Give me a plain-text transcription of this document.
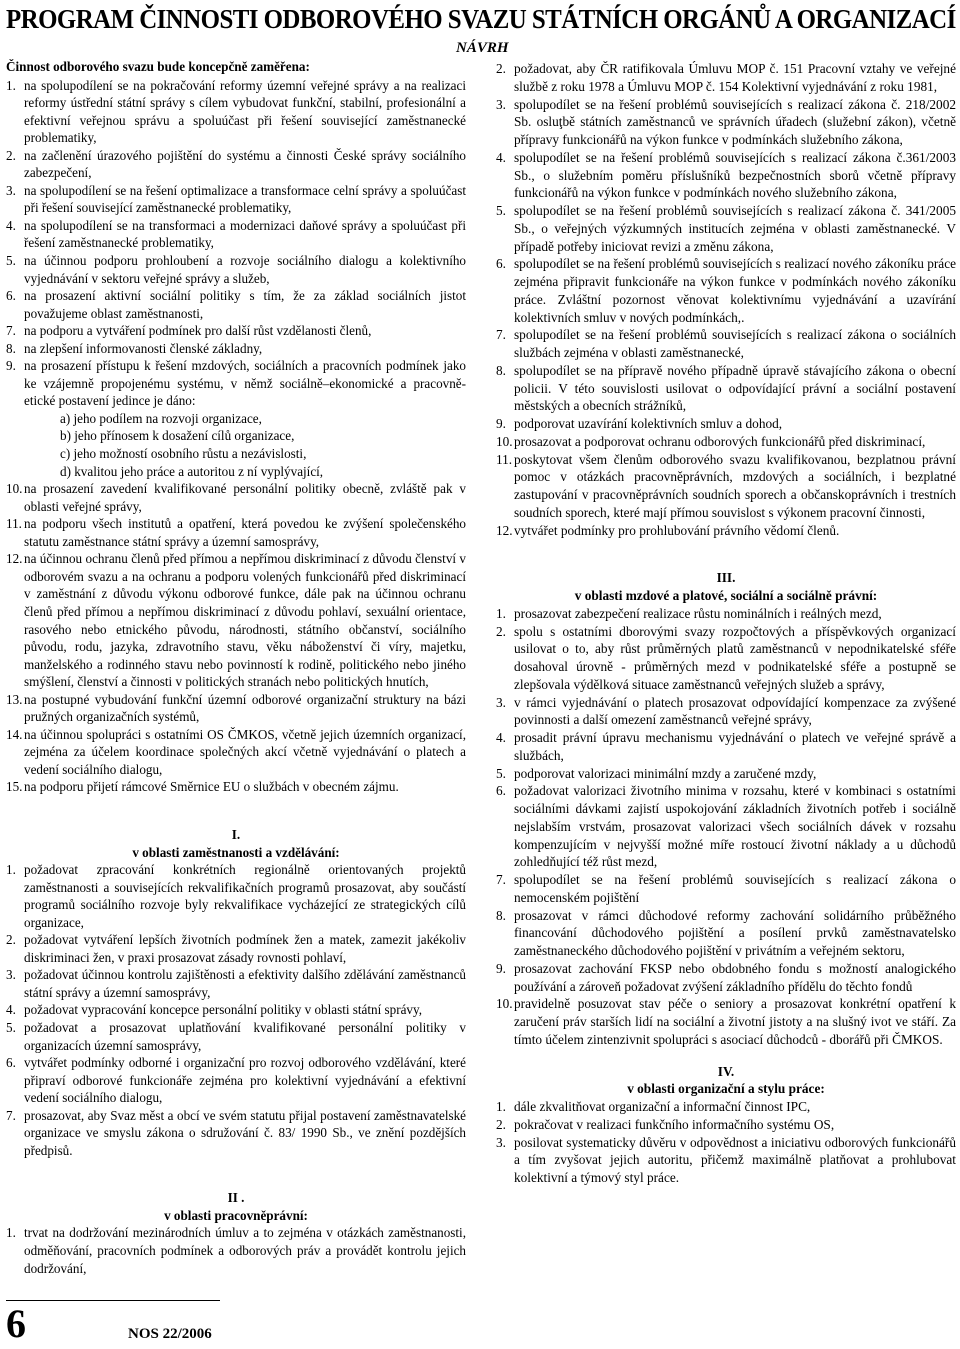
PROGRAM ČINNOSTI ODBOROVÉHO SVAZU STÁTNÍCH ORGÁNŮ A ORGANIZACÍ
NÁVRH

Činnost odborového svazu bude koncepčně zaměřena:

1. na spolupodílení se na pokračování reformy územní veřejné správy a na realizaci reformy ústřední státní správy s cílem vybudovat funkční, stabilní, profesionální a efektivní veřejnou správu a spoluúčast při řešení související zaměstnanecké problematiky,

2. na začlenění úrazového pojištění do systému a činnosti České správy sociálního zabezpečení,

3. na spolupodílení se na řešení optimalizace a transformace celní správy a spoluúčast při řešení související zaměstnanecké problematiky,

4. na spolupodílení se na transformaci a modernizaci daňové správy a spoluúčast při řešení zaměstnanecké problematiky,

5. na účinnou podporu prohloubení a rozvoje sociálního dialogu a kolektivního vyjednávání v sektoru veřejné správy a služeb,

6. na prosazení aktivní sociální politiky s tím, že za základ sociálních jistot považujeme oblast zaměstnanosti,

7. na podporu a vytváření podmínek pro další růst vzdělanosti členů,

8. na zlepšení informovanosti členské základny,

9. na prosazení přístupu k řešení mzdových, sociálních a pracovních podmínek jako ke vzájemně propojenému systému, v němž sociálně–ekonomické a pracovně-etické postavení jedince je dáno:

a) jeho podílem na rozvoji organizace,

b) jeho přínosem k dosažení cílů organizace,

c) jeho možností osobního růstu a nezávislosti,

d) kvalitou jeho práce a autoritou z ní vyplývající,

10. na prosazení zavedení kvalifikované personální politiky obecně, zvláště pak v oblasti veřejné správy,

11. na podporu všech institutů a opatření, která povedou ke zvýšení společenského statutu zaměstnance státní správy a územní samosprávy,

12. na účinnou ochranu členů před přímou a nepřímou diskriminací z důvodu členství v odborovém svazu a na ochranu a podporu volených funkcionářů před diskriminací v zaměstnání z důvodu výkonu odborové funkce, dále pak na účinnou ochranu členů před přímou a nepřímou diskriminací z důvodu pohlaví, sexuální orientace, rasového nebo etnického původu, národnosti, státního občanství, sociálního původu, rodu, jazyka, zdravotního stavu, věku náboženství či víry, majetku, manželského a rodinného stavu nebo povinností k rodině, politického nebo jiného smýšlení, členství a činnosti v politických stranách nebo politických hnutích,

13. na postupné vybudování funkční územní odborové organizační struktury na bázi pružných organizačních systémů,

14. na účinnou spolupráci s ostatními OS ČMKOS, včetně jejich územních organizací, zejména za účelem koordinace společných akcí včetně vyjednávání o platech a vedení sociálního dialogu,

15. na podporu přijetí rámcové Směrnice EU o službách v obecném zájmu.

I.

v oblasti zaměstnanosti a vzdělávání:

1. požadovat zpracování konkrétních regionálně orientovaných projektů zaměstnanosti a souvisejících rekvalifikačních programů prosazovat, aby součástí programů sociálního rozvoje byly rekvalifikace vycházející ze strategických cílů organizace,

2. požadovat vytváření lepších životních podmínek žen a matek, zamezit jakékoliv diskriminaci žen, v praxi prosazovat zásady rovnosti pohlaví,

3. požadovat účinnou kontrolu zajištěnosti a efektivity dalšího zdělávání zaměstnanců státní správy a územní samosprávy,

4. požadovat vypracování koncepce personální politiky v oblasti státní správy,

5. požadovat a prosazovat uplatňování kvalifikované personální politiky v organizacích územní samosprávy,

6. vytvářet podmínky odborné i organizační pro rozvoj odborového vzdělávání, které připraví odborové funkcionáře zejména pro kolektivní vyjednávání a efektivní vedení sociálního dialogu,

7. prosazovat, aby Svaz měst a obcí ve svém statutu přijal postavení zaměstnavatelské organizace ve smyslu zákona o sdružování č. 83/ 1990 Sb., ve znění pozdějších předpisů.

II .

v oblasti pracovněprávní:

1. trvat na dodržování mezinárodních úmluv a to zejména v otázkách zaměstnanosti, odměňování, pracovních podmínek a odborových práv a provádět kontrolu jejich dodržování,

2. požadovat, aby ČR ratifikovala Úmluvu MOP č. 151 Pracovní vztahy ve veřejné službě z roku 1978 a Úmluvu MOP č. 154 Kolektivní vyjednávání z roku 1981,

3. spolupodílet se na řešení problémů souvisejících s realizací zákona č. 218/2002 Sb. osluţbě státních zaměstnanců ve správních úřadech (služební zákon), včetně přípravy funkcionářů na výkon funkce v podmínkách služebního zákona,

4. spolupodílet se na řešení problémů souvisejících s realizací zákona č.361/2003 Sb., o služebním poměru příslušníků bezpečnostních sborů včetně přípravy funkcionářů na výkon funkce v podmínkách nového služebního zákona,

5. spolupodílet se na řešení problémů souvisejících s realizací zákona č. 341/2005 Sb., o veřejných výzkumných institucích zejména v oblasti zaměstnanecké. V případě potřeby iniciovat revizi a změnu zákona,

6. spolupodílet se na řešení problémů souvisejících s realizací nového zákoníku práce zejména připravit funkcionáře na výkon funkce v podmínkách nového zákoníku práce. Zvláštní pozornost věnovat kolektivnímu vyjednávání a uzavírání kolektivních smluv v nových podmínkách,.

7. spolupodílet se na řešení problémů souvisejících s realizací zákona o sociálních službách zejména v oblasti zaměstnanecké,

8. spolupodílet se na přípravě nového případně úpravě stávajícího zákona o obecní policii. V této souvislosti usilovat o odpovídající právní a sociální postavení městských a obecních strážníků,

9. podporovat uzavírání kolektivních smluv a dohod,

10. prosazovat a podporovat ochranu odborových funkcionářů před diskriminací,

11. poskytovat všem členům odborového svazu kvalifikovanou, bezplatnou právní pomoc v otázkách pracovněprávních, mzdových a sociálních, i bezplatné zastupování v pracovněprávních soudních sporech a občanskoprávních i trestních soudních sporech, které mají přímou souvislost s výkonem pracovní činnosti,

12. vytvářet podmínky pro prohlubování právního vědomí členů.

III.

v oblasti mzdové a platové, sociální a sociálně právní:

1. prosazovat zabezpečení realizace růstu nominálních i reálných mezd,

2. spolu s ostatními dborovými svazy rozpočtových a příspěvkových organizací usilovat o to, aby růst průměrných platů zaměstnanců v nepodnikatelské sféře dosahoval úrovně - průměrných mezd v podnikatelské sféře a postupně se zlepšovala výdělková situace zaměstnanců veřejných služeb a správy,

3. v rámci vyjednávání o platech prosazovat odpovídající kompenzace za zvýšené povinnosti a další omezení zaměstnanců veřejné správy,

4. prosadit právní úpravu mechanismu vyjednávání o platech ve veřejné správě a službách,

5. podporovat valorizaci minimální mzdy a zaručené mzdy,

6. požadovat valorizaci životního minima v rozsahu, které v kombinaci s ostatními sociálními dávkami zajistí uspokojování základních životních potřeb i sociálně nejslabším vrstvám, prosazovat valorizaci všech sociálních dávek v rozsahu kompenzujícím v nejvyšší možné míře rostoucí životní náklady a u důchodů zohledňující též růst mezd,

7. spolupodílet se na řešení problémů souvisejících s realizací zákona o nemocenském pojištění

8. prosazovat v rámci důchodové reformy zachování solidárního průběžného financování důchodového pojištění a posílení prvků zaměstnavatelsko zaměstnaneckého důchodového pojištění v privátním a veřejném sektoru,

9. prosazovat zachování FKSP nebo obdobného fondu s možností analogického používání a zároveň požadovat zvýšení základního přídělu do těchto fondů

10. pravidelně posuzovat stav péče o seniory a prosazovat konkrétní opatření k zaručení práv starších lidí na sociální a životní jistoty a na slušný ivot ve stáří. Za tímto účelem zintenzivnit spolupráci s asociací důchodců - dborářů při ČMKOS.

IV.

v oblasti organizační a stylu práce:

1. dále zkvalitňovat organizační a informační činnost IPC,

2. pokračovat v realizaci funkčního informačního systému OS,

3. posilovat systematicky důvěru v odpovědnost a iniciativu odborových funkcionářů a tím zvyšovat jejich autoritu, přičemž maximálně platňovat a prohlubovat kolektivní a týmový styl práce.

6	NOS 22/2006
